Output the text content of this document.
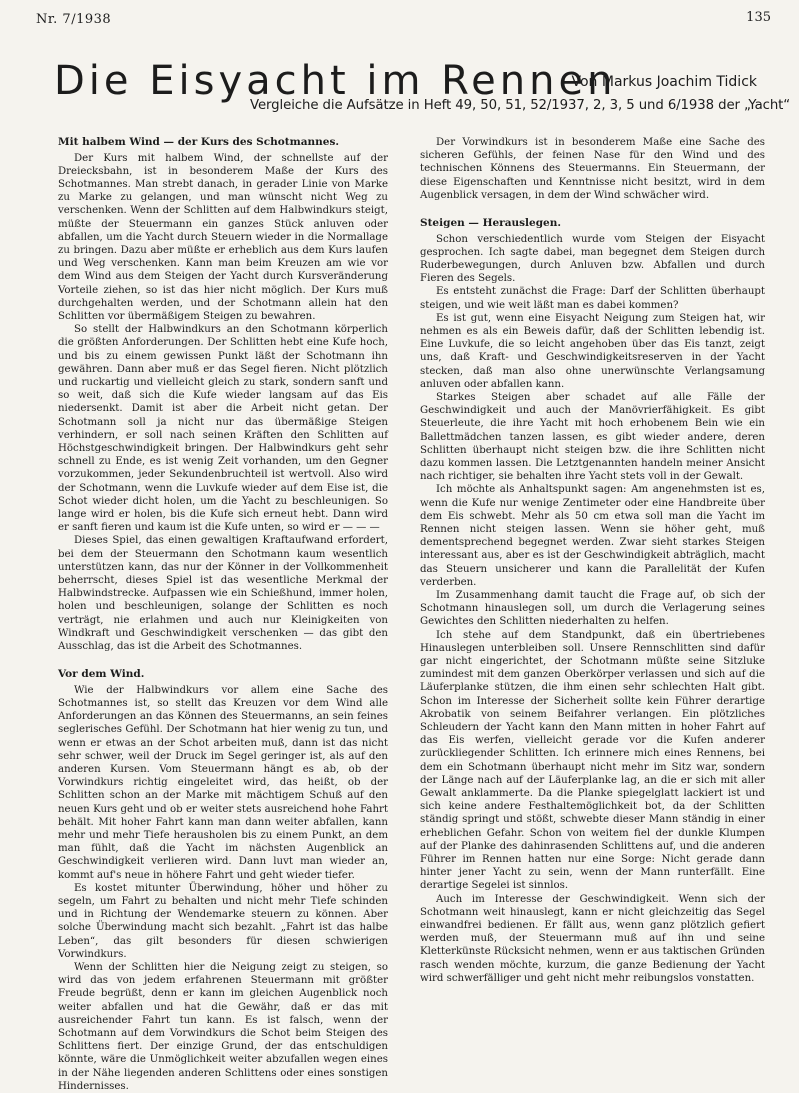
Nr. 7/1938	135
Die Eisyacht im Rennen
Von Markus Joachim Tidick
Vergleiche die Aufsätze in Heft 49, 50, 51, 52/1937, 2, 3, 5 und 6/1938 der „Yacht“
Mit halbem Wind — der Kurs des Schotmannes.

Der Kurs mit halbem Wind, der schnellste auf der Dreiecksbahn, ist in besonderem Maße der Kurs des Schotmannes. Man strebt danach, in gerader Linie von Marke zu Marke zu gelangen, und man wünscht nicht Weg zu verschenken. Wenn der Schlitten auf dem Halbwindkurs steigt, müßte der Steuermann ein ganzes Stück anluven oder abfallen, um die Yacht durch Steuern wieder in die Normallage zu bringen. Dazu aber müßte er erheblich aus dem Kurs laufen und Weg verschenken. Kann man beim Kreuzen am wie vor dem Wind aus dem Steigen der Yacht durch Kursveränderung Vorteile ziehen, so ist das hier nicht möglich. Der Kurs muß durchgehalten werden, und der Schotmann allein hat den Schlitten vor übermäßigem Steigen zu bewahren.

So stellt der Halbwindkurs an den Schotmann körperlich die größten Anforderungen. Der Schlitten hebt eine Kufe hoch, und bis zu einem gewissen Punkt läßt der Schotmann ihn gewähren. Dann aber muß er das Segel fieren. Nicht plötzlich und ruckartig und vielleicht gleich zu stark, sondern sanft und so weit, daß sich die Kufe wieder langsam auf das Eis niedersenkt. Damit ist aber die Arbeit nicht getan. Der Schotmann soll ja nicht nur das übermäßige Steigen verhindern, er soll nach seinen Kräften den Schlitten auf Höchstgeschwindigkeit bringen. Der Halbwindkurs geht sehr schnell zu Ende, es ist wenig Zeit vorhanden, um den Gegner vorzukommen, jeder Sekundenbruchteil ist wertvoll. Also wird der Schotmann, wenn die Luvkufe wieder auf dem Eise ist, die Schot wieder dicht holen, um die Yacht zu beschleunigen. So lange wird er holen, bis die Kufe sich erneut hebt. Dann wird er sanft fieren und kaum ist die Kufe unten, so wird er — — —

Dieses Spiel, das einen gewaltigen Kraftaufwand erfordert, bei dem der Steuermann den Schotmann kaum wesentlich unterstützen kann, das nur der Könner in der Vollkommenheit beherrscht, dieses Spiel ist das wesentliche Merkmal der Halbwindstrecke. Aufpassen wie ein Schießhund, immer holen, holen und beschleunigen, solange der Schlitten es noch verträgt, nie erlahmen und auch nur Kleinigkeiten von Windkraft und Geschwindigkeit verschenken — das gibt den Ausschlag, das ist die Arbeit des Schotmannes.

Vor dem Wind.

Wie der Halbwindkurs vor allem eine Sache des Schotmannes ist, so stellt das Kreuzen vor dem Wind alle Anforderungen an das Können des Steuermanns, an sein feines seglerisches Gefühl. Der Schotmann hat hier wenig zu tun, und wenn er etwas an der Schot arbeiten muß, dann ist das nicht sehr schwer, weil der Druck im Segel geringer ist, als auf den anderen Kursen. Vom Steuermann hängt es ab, ob der Vorwindkurs richtig eingeleitet wird, das heißt, ob der Schlitten schon an der Marke mit mächtigem Schuß auf den neuen Kurs geht und ob er weiter stets ausreichend hohe Fahrt behält. Mit hoher Fahrt kann man dann weiter abfallen, kann mehr und mehr Tiefe herausholen bis zu einem Punkt, an dem man fühlt, daß die Yacht im nächsten Augenblick an Geschwindigkeit verlieren wird. Dann luvt man wieder an, kommt auf's neue in höhere Fahrt und geht wieder tiefer.

Es kostet mitunter Überwindung, höher und höher zu segeln, um Fahrt zu behalten und nicht mehr Tiefe schinden und in Richtung der Wendemarke steuern zu können. Aber solche Überwindung macht sich bezahlt. „Fahrt ist das halbe Leben“, das gilt besonders für diesen schwierigen Vorwindkurs.

Wenn der Schlitten hier die Neigung zeigt zu steigen, so wird das von jedem erfahrenen Steuermann mit größter Freude begrüßt, denn er kann im gleichen Augenblick noch weiter abfallen und hat die Gewähr, daß er das mit ausreichender Fahrt tun kann. Es ist falsch, wenn der Schotmann auf dem Vorwindkurs die Schot beim Steigen des Schlittens fiert. Der einzige Grund, der das entschuldigen könnte, wäre die Unmöglichkeit weiter abzufallen wegen eines in der Nähe liegenden anderen Schlittens oder eines sonstigen Hindernisses.

Der Vorwindkurs ist in besonderem Maße eine Sache des sicheren Gefühls, der feinen Nase für den Wind und des technischen Könnens des Steuermanns. Ein Steuermann, der diese Eigenschaften und Kenntnisse nicht besitzt, wird in dem Augenblick versagen, in dem der Wind schwächer wird.

Steigen — Herauslegen.

Schon verschiedentlich wurde vom Steigen der Eisyacht gesprochen. Ich sagte dabei, man begegnet dem Steigen durch Ruderbewegungen, durch Anluven bzw. Abfallen und durch Fieren des Segels.

Es entsteht zunächst die Frage: Darf der Schlitten überhaupt steigen, und wie weit läßt man es dabei kommen?

Es ist gut, wenn eine Eisyacht Neigung zum Steigen hat, wir nehmen es als ein Beweis dafür, daß der Schlitten lebendig ist. Eine Luvkufe, die so leicht angehoben über das Eis tanzt, zeigt uns, daß Kraft- und Geschwindigkeitsreserven in der Yacht stecken, daß man also ohne unerwünschte Verlangsamung anluven oder abfallen kann.

Starkes Steigen aber schadet auf alle Fälle der Geschwindigkeit und auch der Manövrierfähigkeit. Es gibt Steuerleute, die ihre Yacht mit hoch erhobenem Bein wie ein Ballettmädchen tanzen lassen, es gibt wieder andere, deren Schlitten überhaupt nicht steigen bzw. die ihre Schlitten nicht dazu kommen lassen. Die Letztgenannten handeln meiner Ansicht nach richtiger, sie behalten ihre Yacht stets voll in der Gewalt.

Ich möchte als Anhaltspunkt sagen: Am angenehmsten ist es, wenn die Kufe nur wenige Zentimeter oder eine Handbreite über dem Eis schwebt. Mehr als 50 cm etwa soll man die Yacht im Rennen nicht steigen lassen. Wenn sie höher geht, muß dementsprechend begegnet werden. Zwar sieht starkes Steigen interessant aus, aber es ist der Geschwindigkeit abträglich, macht das Steuern unsicherer und kann die Parallelität der Kufen verderben.

Im Zusammenhang damit taucht die Frage auf, ob sich der Schotmann hinauslegen soll, um durch die Verlagerung seines Gewichtes den Schlitten niederhalten zu helfen.

Ich stehe auf dem Standpunkt, daß ein übertriebenes Hinauslegen unterbleiben soll. Unsere Rennschlitten sind dafür gar nicht eingerichtet, der Schotmann müßte seine Sitzluke zumindest mit dem ganzen Oberkörper verlassen und sich auf die Läuferplanke stützen, die ihm einen sehr schlechten Halt gibt. Schon im Interesse der Sicherheit sollte kein Führer derartige Akrobatik von seinem Beifahrer verlangen. Ein plötzliches Schleudern der Yacht kann den Mann mitten in hoher Fahrt auf das Eis werfen, vielleicht gerade vor die Kufen anderer zurückliegender Schlitten. Ich erinnere mich eines Rennens, bei dem ein Schotmann überhaupt nicht mehr im Sitz war, sondern der Länge nach auf der Läuferplanke lag, an die er sich mit aller Gewalt anklammerte. Da die Planke spiegelglatt lackiert ist und sich keine andere Festhaltemöglichkeit bot, da der Schlitten ständig springt und stößt, schwebte dieser Mann ständig in einer erheblichen Gefahr. Schon von weitem fiel der dunkle Klumpen auf der Planke des dahinrasenden Schlittens auf, und die anderen Führer im Rennen hatten nur eine Sorge: Nicht gerade dann hinter jener Yacht zu sein, wenn der Mann runterfällt. Eine derartige Segelei ist sinnlos.

Auch im Interesse der Geschwindigkeit. Wenn sich der Schotmann weit hinauslegt, kann er nicht gleichzeitig das Segel einwandfrei bedienen. Er fällt aus, wenn ganz plötzlich gefiert werden muß, der Steuermann muß auf ihn und seine Kletterkünste Rücksicht nehmen, wenn er aus taktischen Gründen rasch wenden möchte, kurzum, die ganze Bedienung der Yacht wird schwerfälliger und geht nicht mehr reibungslos vonstatten.
